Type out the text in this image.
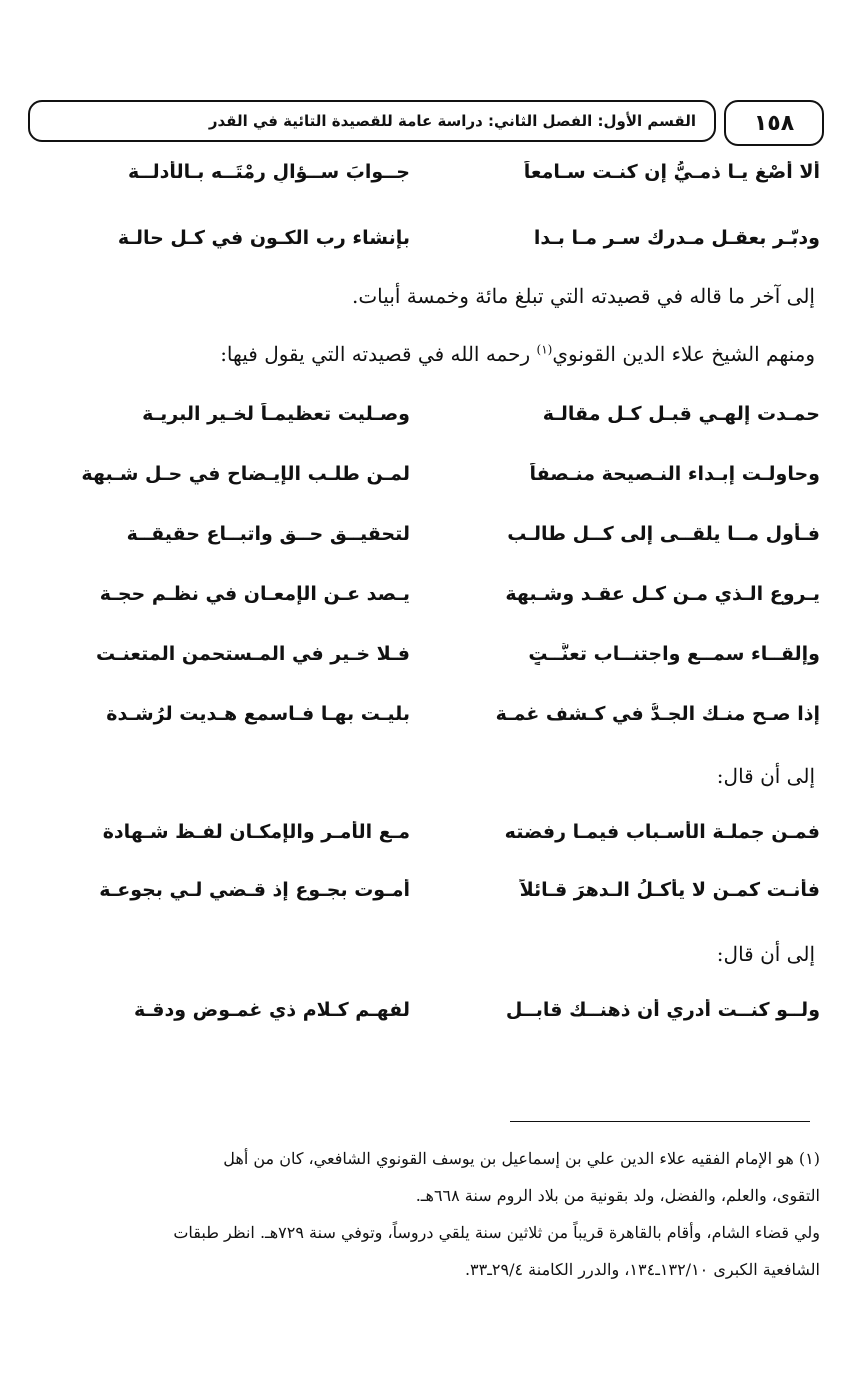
١٥٨
القسم الأول: الفصل الثاني: دراسة عامة للقصيدة التائية في القدر
ألا أصْغ يـا ذمـيُّ إن كنـت سـامعاً
جــوابَ ســؤالٍ رمْتَــه بـالأدلــة
ودبّـر بعقـل مـدرك سـر مـا بـدا
بإنشاء رب الكـون في كـل حالـة
إلى آخر ما قاله في قصيدته التي تبلغ مائة وخمسة أبيات.
ومنهم الشيخ علاء الدين القونوي$^{(١)}$ رحمه الله في قصيدته التي يقول فيها:
حمـدت إلهـي قبـل كـل مقالـة
وصـليت تعظيمـاً لخـير البريـة
وحاولـت إبـداء النـصيحة منـصفاً
لمـن طلـب الإيـضاح في حـل شـبهة
فـأول مــا يلقــى إلى كــل طالـب
لتحقيــق حــق واتبــاع حقيقــة
يـروع الـذي مـن كـل عقـد وشـبهة
يـصد عـن الإمعـان في نظـم حجـة
وإلقــاء سمــع واجتنــاب تعنُّــتٍ
فـلا خـير في المـستحمن المتعنـت
إذا صـح منـك الجـدُّ في كـشف غمـة
بليـت بهـا فـاسمع هـديت لرُشـدة
إلى أن قال:
فمـن جملـة الأسـباب فيمـا رفضته
مـع الأمـر والإمكـان لفـظ شـهادة
فأنـت كمـن لا يأكـلُ الـدهرَ قـائلاً
أمـوت بجـوع إذ قـضي لـي بجوعـة
إلى أن قال:
ولــو كنــت أدري أن ذهنــك قابــل
لفهـم كـلام ذي غمـوض ودقـة
(١) هو الإمام الفقيه علاء الدين علي بن إسماعيل بن يوسف القونوي الشافعي، كان من أهل
التقوى، والعلم، والفضل، ولد بقونية من بلاد الروم سنة ٦٦٨هـ.
ولي قضاء الشام، وأقام بالقاهرة قريباً من ثلاثين سنة يلقي دروساً، وتوفي سنة ٧٢٩هـ. انظر طبقات
الشافعية الكبرى ١٣٢/١٠ـ١٣٤، والدرر الكامنة ٢٩/٤ـ٣٣.
